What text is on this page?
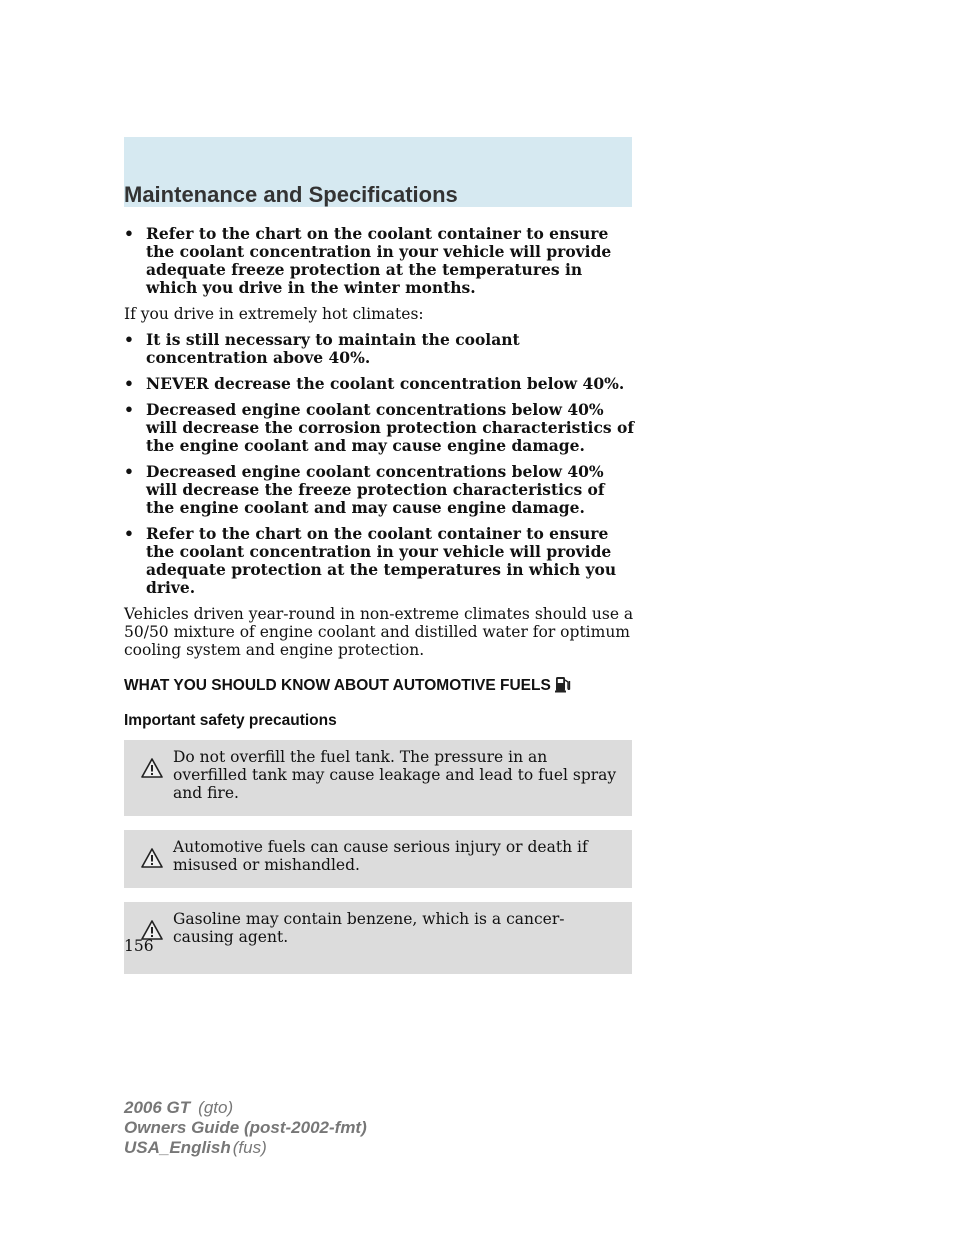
Maintenance and Specifications
• Refer to the chart on the coolant container to ensure the coolant concentration in your vehicle will provide adequate freeze protection at the temperatures in which you drive in the winter months.

If you drive in extremely hot climates:

• It is still necessary to maintain the coolant concentration above 40%.
• NEVER decrease the coolant concentration below 40%.
• Decreased engine coolant concentrations below 40% will decrease the corrosion protection characteristics of the engine coolant and may cause engine damage.
• Decreased engine coolant concentrations below 40% will decrease the freeze protection characteristics of the engine coolant and may cause engine damage.
• Refer to the chart on the coolant container to ensure the coolant concentration in your vehicle will provide adequate protection at the temperatures in which you drive.

Vehicles driven year-round in non-extreme climates should use a 50/50 mixture of engine coolant and distilled water for optimum cooling system and engine protection.

WHAT YOU SHOULD KNOW ABOUT AUTOMOTIVE FUELS
Important safety precautions
Do not overfill the fuel tank. The pressure in an overfilled tank may cause leakage and lead to fuel spray and fire.
Automotive fuels can cause serious injury or death if misused or mishandled.
Gasoline may contain benzene, which is a cancer-causing agent.
156
2006 GT (gto)
Owners Guide (post-2002-fmt)
USA_English (fus)
